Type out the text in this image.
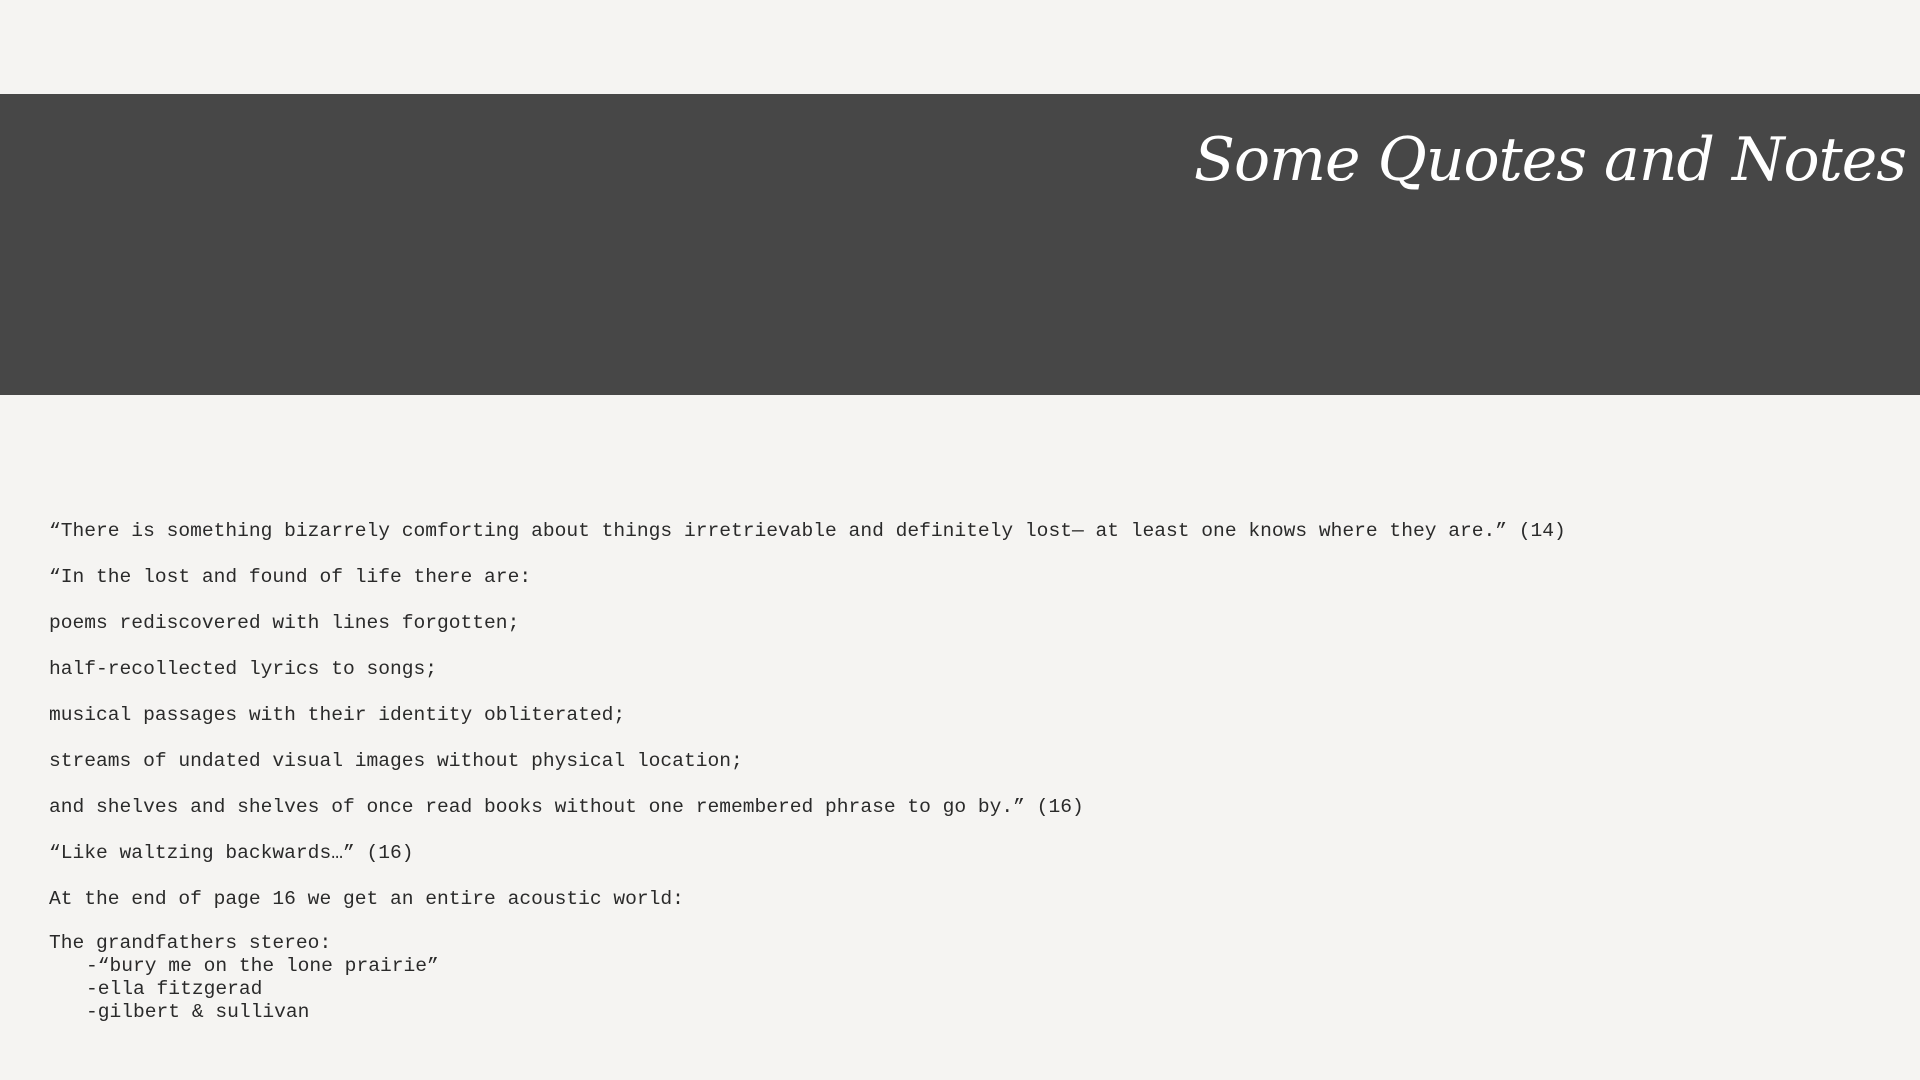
Some Quotes and Notes

“There is something bizarrely comforting about things irretrievable and definitely lost— at least one knows where they are.” (14)

“In the lost and found of life there are:

poems rediscovered with lines forgotten;

half-recollected lyrics to songs;

musical passages with their identity obliterated;

streams of undated visual images without physical location;

and shelves and shelves of once read books without one remembered phrase to go by.” (16)

“Like waltzing backwards…” (16)

At the end of page 16 we get an entire acoustic world:

The grandfathers stereo:

-“bury me on the lone prairie”
-ella fitzgerad
-gilbert & sullivan
